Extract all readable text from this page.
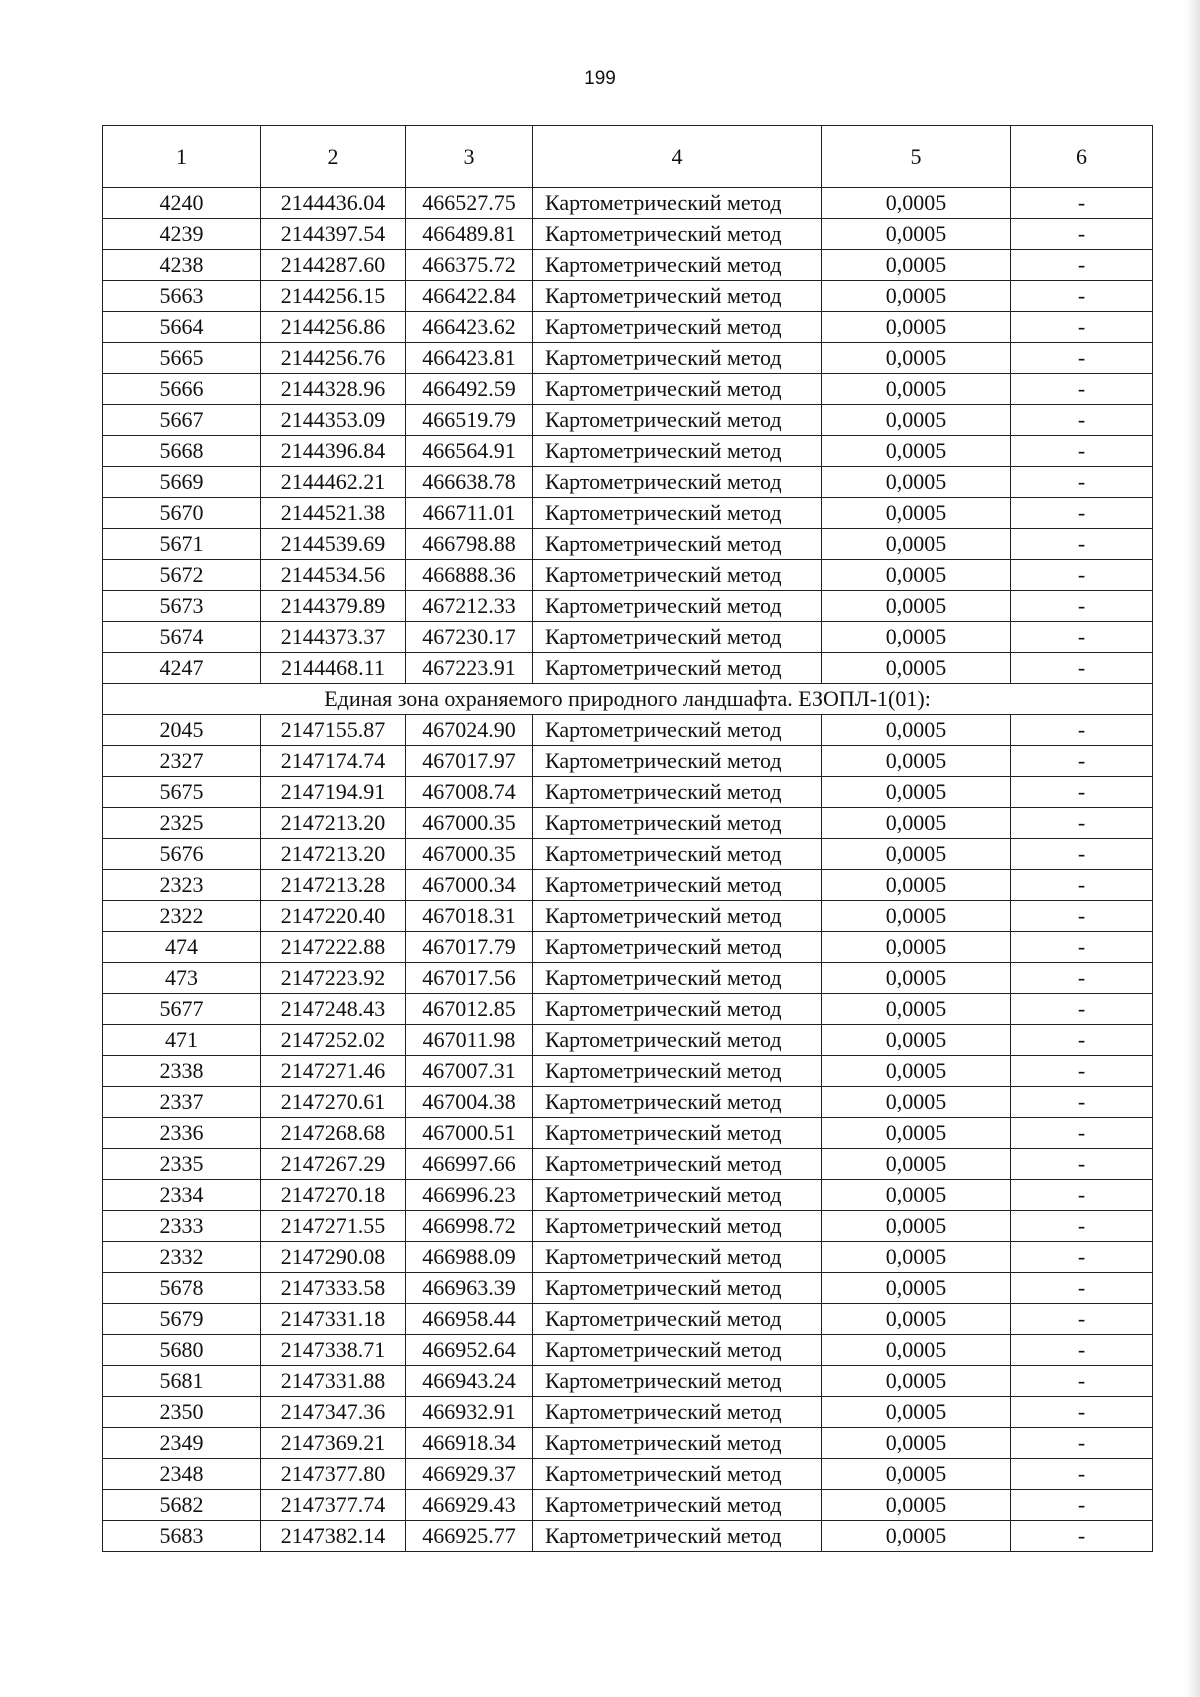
199
1	2	3	4	5	6
4240	2144436.04	466527.75	Картометрический метод	0,0005	-
4239	2144397.54	466489.81	Картометрический метод	0,0005	-
4238	2144287.60	466375.72	Картометрический метод	0,0005	-
5663	2144256.15	466422.84	Картометрический метод	0,0005	-
5664	2144256.86	466423.62	Картометрический метод	0,0005	-
5665	2144256.76	466423.81	Картометрический метод	0,0005	-
5666	2144328.96	466492.59	Картометрический метод	0,0005	-
5667	2144353.09	466519.79	Картометрический метод	0,0005	-
5668	2144396.84	466564.91	Картометрический метод	0,0005	-
5669	2144462.21	466638.78	Картометрический метод	0,0005	-
5670	2144521.38	466711.01	Картометрический метод	0,0005	-
5671	2144539.69	466798.88	Картометрический метод	0,0005	-
5672	2144534.56	466888.36	Картометрический метод	0,0005	-
5673	2144379.89	467212.33	Картометрический метод	0,0005	-
5674	2144373.37	467230.17	Картометрический метод	0,0005	-
4247	2144468.11	467223.91	Картометрический метод	0,0005	-
Единая зона охраняемого природного ландшафта. ЕЗОПЛ-1(01):					
2045	2147155.87	467024.90	Картометрический метод	0,0005	-
2327	2147174.74	467017.97	Картометрический метод	0,0005	-
5675	2147194.91	467008.74	Картометрический метод	0,0005	-
2325	2147213.20	467000.35	Картометрический метод	0,0005	-
5676	2147213.20	467000.35	Картометрический метод	0,0005	-
2323	2147213.28	467000.34	Картометрический метод	0,0005	-
2322	2147220.40	467018.31	Картометрический метод	0,0005	-
474	2147222.88	467017.79	Картометрический метод	0,0005	-
473	2147223.92	467017.56	Картометрический метод	0,0005	-
5677	2147248.43	467012.85	Картометрический метод	0,0005	-
471	2147252.02	467011.98	Картометрический метод	0,0005	-
2338	2147271.46	467007.31	Картометрический метод	0,0005	-
2337	2147270.61	467004.38	Картометрический метод	0,0005	-
2336	2147268.68	467000.51	Картометрический метод	0,0005	-
2335	2147267.29	466997.66	Картометрический метод	0,0005	-
2334	2147270.18	466996.23	Картометрический метод	0,0005	-
2333	2147271.55	466998.72	Картометрический метод	0,0005	-
2332	2147290.08	466988.09	Картометрический метод	0,0005	-
5678	2147333.58	466963.39	Картометрический метод	0,0005	-
5679	2147331.18	466958.44	Картометрический метод	0,0005	-
5680	2147338.71	466952.64	Картометрический метод	0,0005	-
5681	2147331.88	466943.24	Картометрический метод	0,0005	-
2350	2147347.36	466932.91	Картометрический метод	0,0005	-
2349	2147369.21	466918.34	Картометрический метод	0,0005	-
2348	2147377.80	466929.37	Картометрический метод	0,0005	-
5682	2147377.74	466929.43	Картометрический метод	0,0005	-
5683	2147382.14	466925.77	Картометрический метод	0,0005	-
